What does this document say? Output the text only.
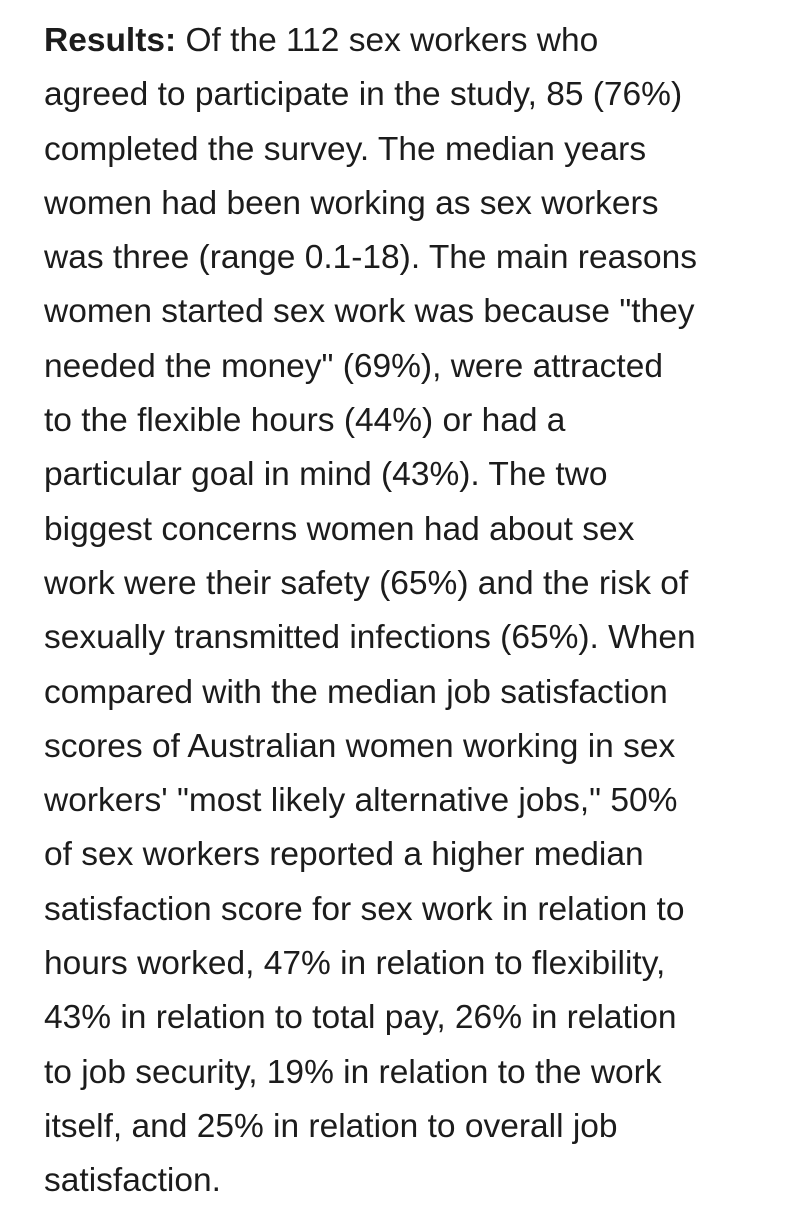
Results: Of the 112 sex workers who
agreed to participate in the study, 85 (76%)
completed the survey. The median years
women had been working as sex workers
was three (range 0.1-18). The main reasons
women started sex work was because "they
needed the money" (69%), were attracted
to the flexible hours (44%) or had a
particular goal in mind (43%). The two
biggest concerns women had about sex
work were their safety (65%) and the risk of
sexually transmitted infections (65%). When
compared with the median job satisfaction
scores of Australian women working in sex
workers' "most likely alternative jobs," 50%
of sex workers reported a higher median
satisfaction score for sex work in relation to
hours worked, 47% in relation to flexibility,
43% in relation to total pay, 26% in relation
to job security, 19% in relation to the work
itself, and 25% in relation to overall job
satisfaction.
